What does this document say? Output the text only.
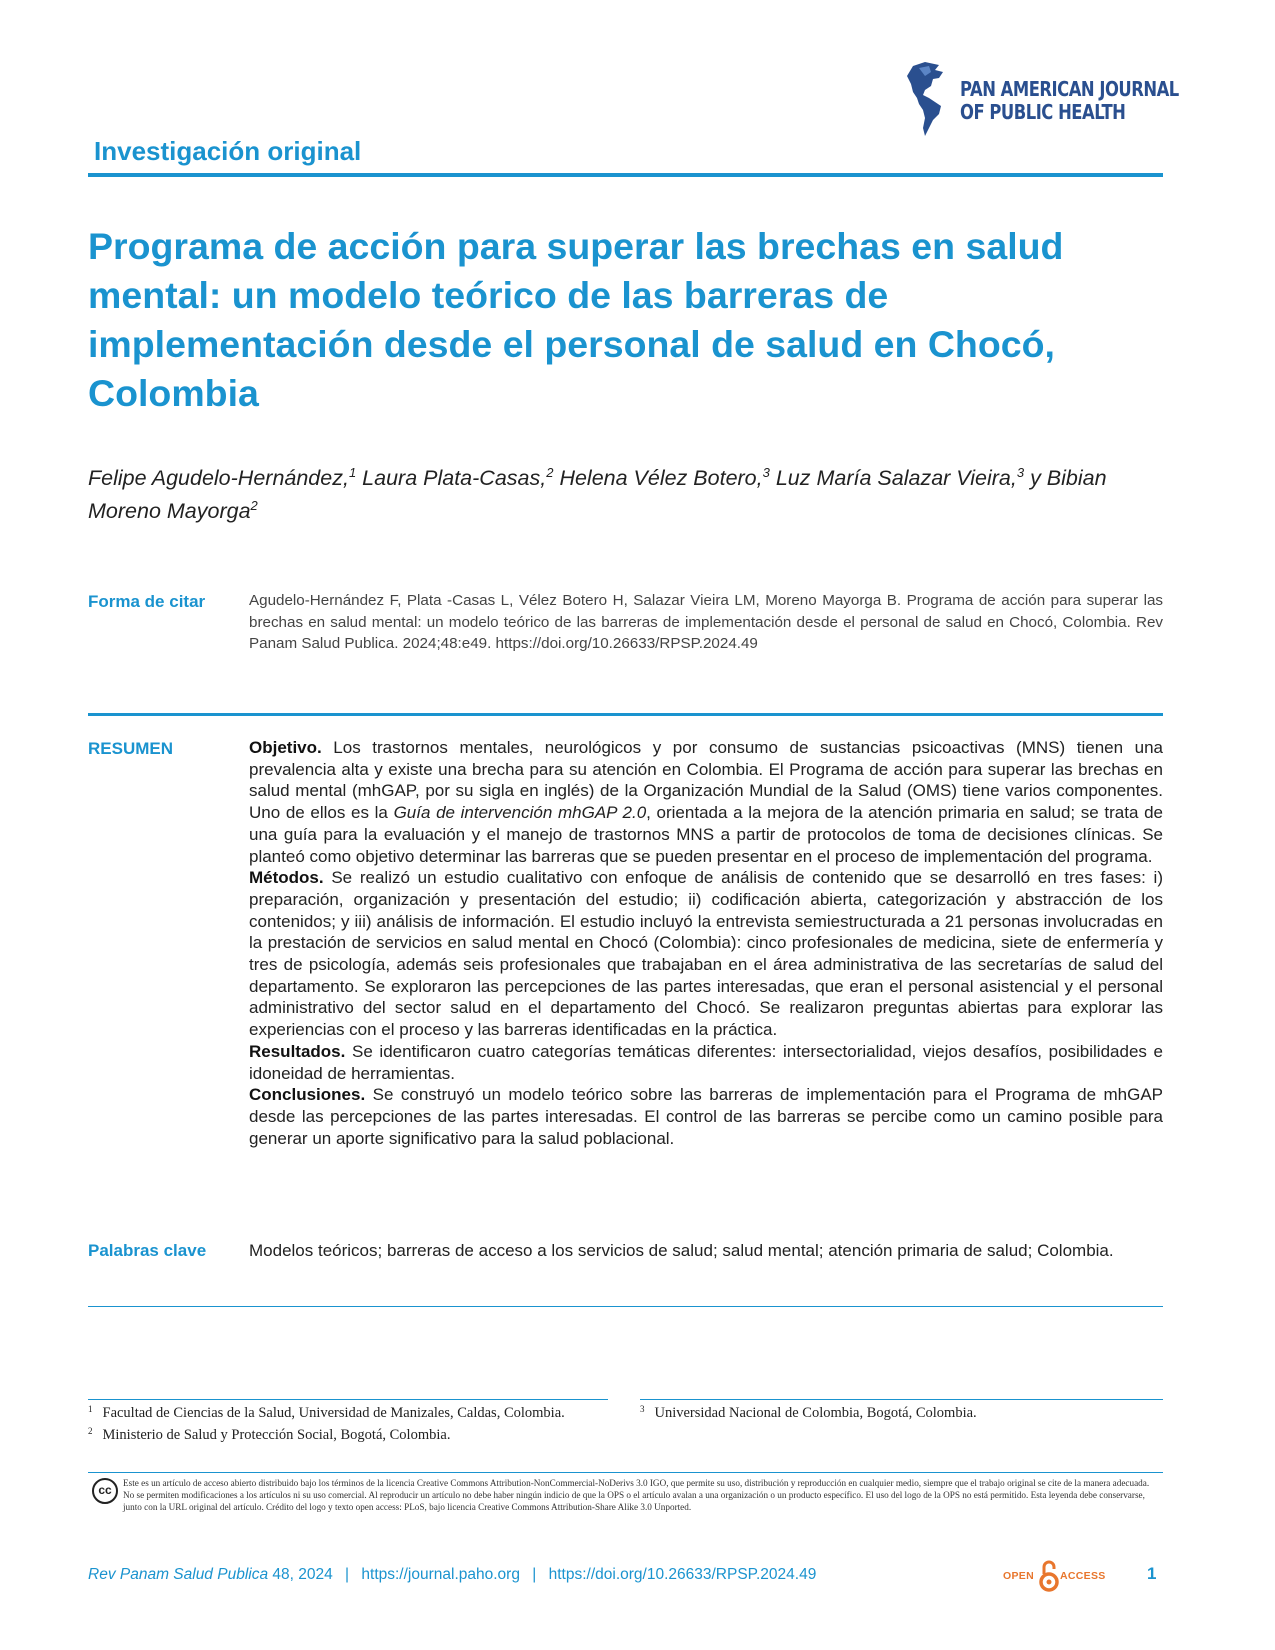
PAN AMERICAN JOURNAL
OF PUBLIC HEALTH
Investigación original
Programa de acción para superar las brechas en salud mental: un modelo teórico de las barreras de implementación desde el personal de salud en Chocó, Colombia
Felipe Agudelo-Hernández,$^1$ Laura Plata-Casas,$^2$ Helena Vélez Botero,$^3$ Luz María Salazar Vieira,$^3$ y Bibian Moreno Mayorga$^2$
Forma de citar	Agudelo-Hernández F, Plata -Casas L, Vélez Botero H, Salazar Vieira LM, Moreno Mayorga B. Programa de acción para superar las brechas en salud mental: un modelo teórico de las barreras de implementación desde el personal de salud en Chocó, Colombia. Rev Panam Salud Publica. 2024;48:e49. https://doi.org/10.26633/RPSP.2024.49
RESUMEN	Objetivo. Los trastornos mentales, neurológicos y por consumo de sustancias psicoactivas (MNS) tienen una prevalencia alta y existe una brecha para su atención en Colombia. El Programa de acción para superar las brechas en salud mental (mhGAP, por su sigla en inglés) de la Organización Mundial de la Salud (OMS) tiene varios componentes. Uno de ellos es la Guía de intervención mhGAP 2.0, orientada a la mejora de la atención primaria en salud; se trata de una guía para la evaluación y el manejo de trastornos MNS a partir de protocolos de toma de decisiones clínicas. Se planteó como objetivo determinar las barreras que se pueden presentar en el proceso de implementación del programa.

Métodos. Se realizó un estudio cualitativo con enfoque de análisis de contenido que se desarrolló en tres fases: i) preparación, organización y presentación del estudio; ii) codificación abierta, categorización y abstracción de los contenidos; y iii) análisis de información. El estudio incluyó la entrevista semiestructurada a 21 personas involucradas en la prestación de servicios en salud mental en Chocó (Colombia): cinco profesionales de medicina, siete de enfermería y tres de psicología, además seis profesionales que trabajaban en el área administrativa de las secretarías de salud del departamento. Se exploraron las percepciones de las partes interesadas, que eran el personal asistencial y el personal administrativo del sector salud en el departamento del Chocó. Se realizaron preguntas abiertas para explorar las experiencias con el proceso y las barreras identificadas en la práctica.

Resultados. Se identificaron cuatro categorías temáticas diferentes: intersectorialidad, viejos desafíos, posibilidades e idoneidad de herramientas.

Conclusiones. Se construyó un modelo teórico sobre las barreras de implementación para el Programa de mhGAP desde las percepciones de las partes interesadas. El control de las barreras se percibe como un camino posible para generar un aporte significativo para la salud poblacional.

Palabras clave	Modelos teóricos; barreras de acceso a los servicios de salud; salud mental; atención primaria de salud; Colombia.
$^1$ Facultad de Ciencias de la Salud, Universidad de Manizales, Caldas, Colombia.
$^2$ Ministerio de Salud y Protección Social, Bogotá, Colombia.
$^3$ Universidad Nacional de Colombia, Bogotá, Colombia.
cc	Este es un artículo de acceso abierto distribuido bajo los términos de la licencia Creative Commons Attribution-NonCommercial-NoDerivs 3.0 IGO, que permite su uso, distribución y reproducción en cualquier medio, siempre que el trabajo original se cite de la manera adecuada. No se permiten modificaciones a los artículos ni su uso comercial. Al reproducir un artículo no debe haber ningún indicio de que la OPS o el artículo avalan a una organización o un producto específico. El uso del logo de la OPS no está permitido. Esta leyenda debe conservarse, junto con la URL original del artículo. Crédito del logo y texto open access: PLoS, bajo licencia Creative Commons Attribution-Share Alike 3.0 Unported.
Rev Panam Salud Publica 48, 2024 | https://journal.paho.org | https://doi.org/10.26633/RPSP.2024.49	OPEN ACCESS 1
